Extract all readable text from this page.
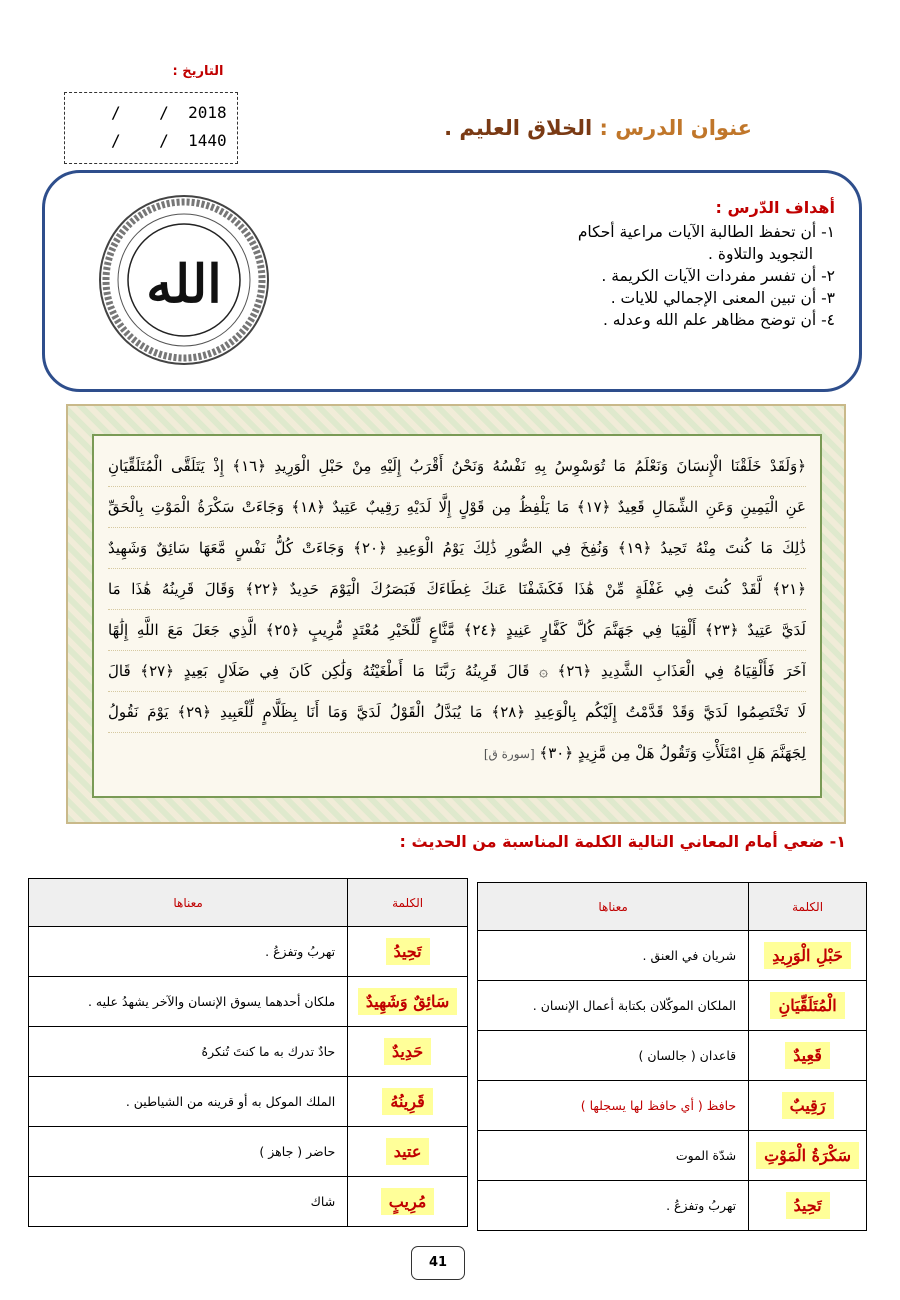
التاريخ :
/    /  2018
/    /  1440
عنوان الدرس : الخلاق العليم .
أهداف الدّرس :
١- أن تحفظ الطالبة الآيات مراعية أحكام
التجويد والتلاوة .
٢- أن تفسر مفردات الآيات الكريمة .
٣- أن تبين المعنى الإجمالي للايات .
٤- أن توضح مظاهر علم الله وعدله .
الله
﴿وَلَقَدْ خَلَقْنَا الْإِنسَانَ وَنَعْلَمُ مَا تُوَسْوِسُ بِهِ نَفْسُهُ وَنَحْنُ أَقْرَبُ إِلَيْهِ مِنْ حَبْلِ الْوَرِيدِ ﴿١٦﴾ إِذْ يَتَلَقَّى الْمُتَلَقِّيَانِ
عَنِ الْيَمِينِ وَعَنِ الشِّمَالِ قَعِيدٌ ﴿١٧﴾ مَا يَلْفِظُ مِن قَوْلٍ إِلَّا لَدَيْهِ رَقِيبٌ عَتِيدٌ ﴿١٨﴾ وَجَاءَتْ سَكْرَةُ الْمَوْتِ بِالْحَقِّ
ذَٰلِكَ مَا كُنتَ مِنْهُ تَحِيدُ ﴿١٩﴾ وَنُفِخَ فِي الصُّورِ ذَٰلِكَ يَوْمُ الْوَعِيدِ ﴿٢٠﴾ وَجَاءَتْ كُلُّ نَفْسٍ مَّعَهَا سَائِقٌ وَشَهِيدٌ
﴿٢١﴾ لَّقَدْ كُنتَ فِي غَفْلَةٍ مِّنْ هَٰذَا فَكَشَفْنَا عَنكَ غِطَاءَكَ فَبَصَرُكَ الْيَوْمَ حَدِيدٌ ﴿٢٢﴾ وَقَالَ قَرِينُهُ هَٰذَا مَا
لَدَيَّ عَتِيدٌ ﴿٢٣﴾ أَلْقِيَا فِي جَهَنَّمَ كُلَّ كَفَّارٍ عَنِيدٍ ﴿٢٤﴾ مَّنَّاعٍ لِّلْخَيْرِ مُعْتَدٍ مُّرِيبٍ ﴿٢٥﴾ الَّذِي جَعَلَ مَعَ اللَّهِ إِلَٰهًا
آخَرَ فَأَلْقِيَاهُ فِي الْعَذَابِ الشَّدِيدِ ﴿٢٦﴾ ۞ قَالَ قَرِينُهُ رَبَّنَا مَا أَطْغَيْتُهُ وَلَٰكِن كَانَ فِي ضَلَالٍ بَعِيدٍ ﴿٢٧﴾ قَالَ
لَا تَخْتَصِمُوا لَدَيَّ وَقَدْ قَدَّمْتُ إِلَيْكُم بِالْوَعِيدِ ﴿٢٨﴾ مَا يُبَدَّلُ الْقَوْلُ لَدَيَّ وَمَا أَنَا بِظَلَّامٍ لِّلْعَبِيدِ ﴿٢٩﴾ يَوْمَ نَقُولُ
لِجَهَنَّمَ هَلِ امْتَلَأْتِ وَتَقُولُ هَلْ مِن مَّزِيدٍ ﴿٣٠﴾ [سورة ق]
١- ضعي أمام المعاني التالية الكلمة المناسبة من الحديث :
الكلمة	معناها
حَبْلِ الْوَرِيدِ	شريان في العنق .
الْمُتَلَقِّيَانِ	الملكان الموكّلان بكتابة أعمال الإنسان .
قَعِيدٌ	قاعدان ( جالسان )
رَقِيبٌ	حافظ ( أي حافظ لها يسجلها )
سَكْرَةُ الْمَوْتِ	شدّة الموت
تَحِيدُ	تهربُ وتفزعُ .
الكلمة	معناها
تَحِيدُ	تهربُ وتفزعُ .
سَائِقٌ وَشَهِيدٌ	ملكان أحدهما يسوق الإنسان والآخر يشهدُ عليه .
حَدِيدٌ	حادٌ تدرك به ما كنتَ تُنكرهُ
قَرِينُهُ	الملك الموكل به أو قرينه من الشياطين .
عتيد	حاضر ( جاهز )
مُرِيبٍ	شاك
41
